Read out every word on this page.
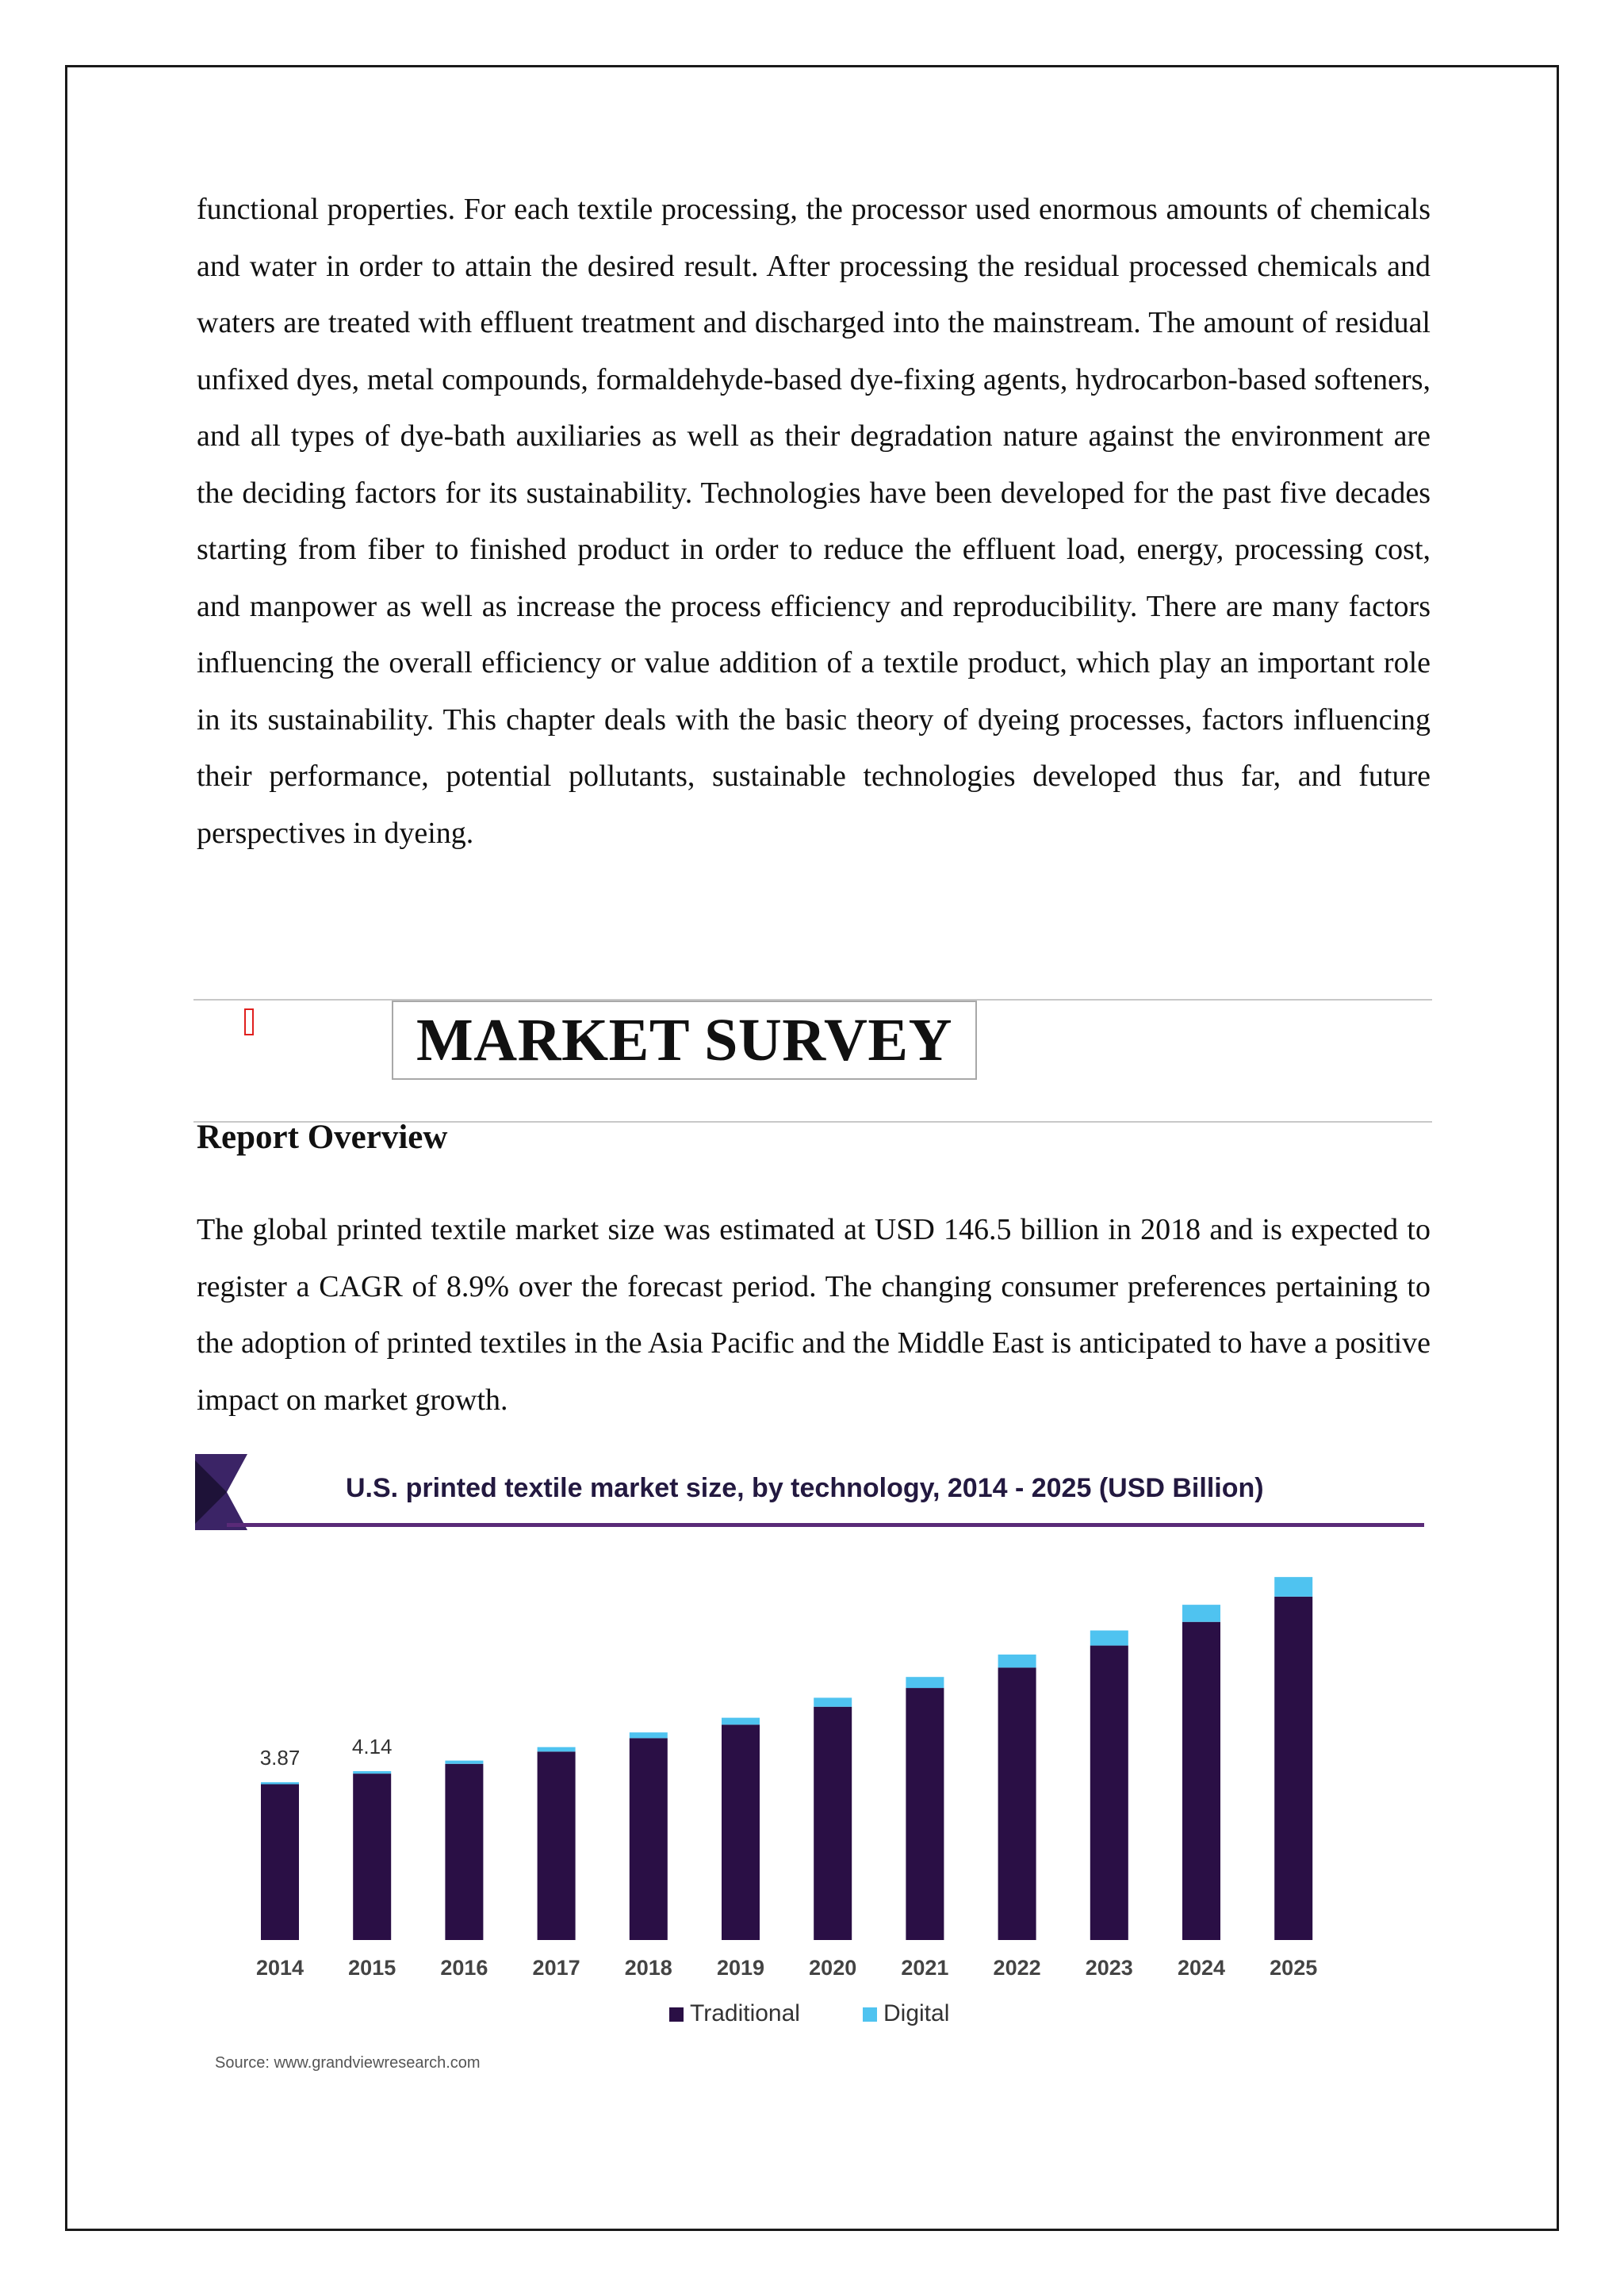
functional properties. For each textile processing, the processor used enormous amounts of chemicals and water in order to attain the desired result. After processing the residual processed chemicals and waters are treated with effluent treatment and discharged into the mainstream. The amount of residual unfixed dyes, metal compounds, formaldehyde-based dye-fixing agents, hydrocarbon-based softeners, and all types of dye-bath auxiliaries as well as their degradation nature against the environment are the deciding factors for its sustainability. Technologies have been developed for the past five decades starting from fiber to finished product in order to reduce the effluent load, energy, processing cost, and manpower as well as increase the process efficiency and reproducibility. There are many factors influencing the overall efficiency or value addition of a textile product, which play an important role in its sustainability. This chapter deals with the basic theory of dyeing processes, factors influencing their performance, potential pollutants, sustainable technologies developed thus far, and future perspectives in dyeing.

MARKET SURVEY
Report Overview

The global printed textile market size was estimated at USD 146.5 billion in 2018 and is expected to register a CAGR of 8.9% over the forecast period. The changing consumer preferences pertaining to the adoption of printed textiles in the Asia Pacific and the Middle East is anticipated to have a positive impact on market growth.

U.S. printed textile market size, by technology, 2014 - 2025 (USD Billion)
2014 2015 2016 2017 2018 2019 2020 2021 2022 2023 2024 2025
3.87	4.14
Traditional	Digital
Source: www.grandviewresearch.com
